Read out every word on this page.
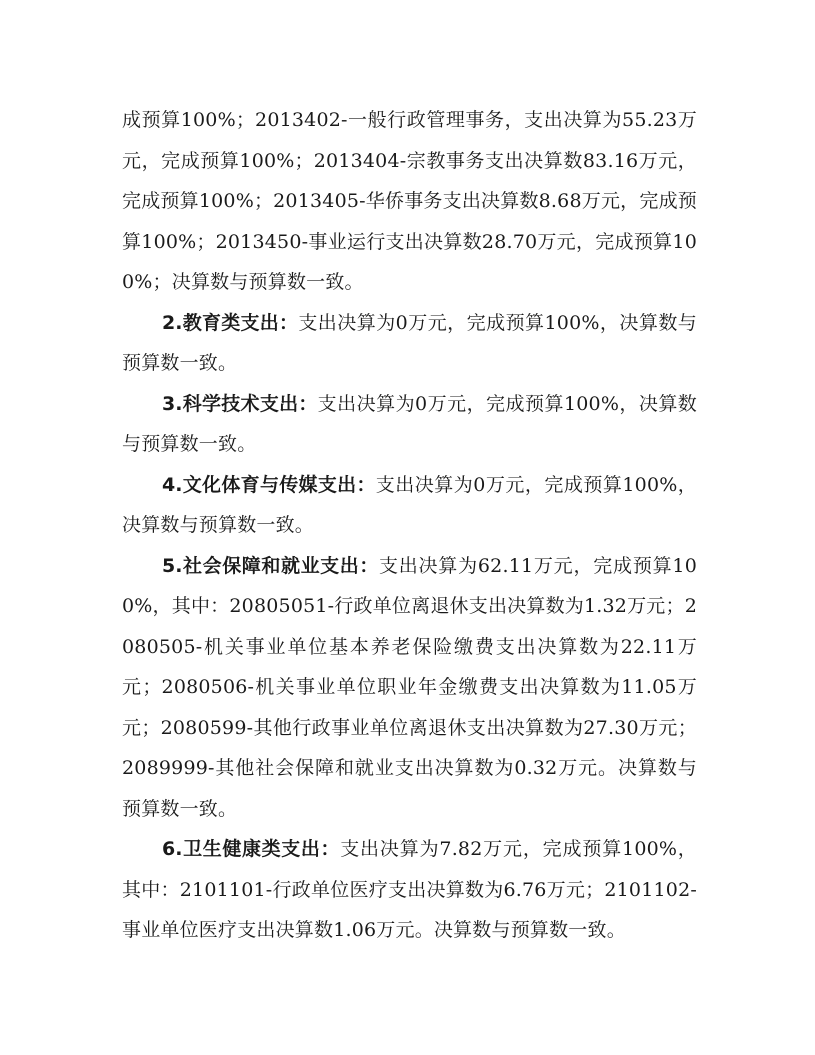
成预算100%；2013402-一般行政管理事务，支出决算为55.23万元，完成预算100%；2013404-宗教事务支出决算数83.16万元，完成预算100%；2013405-华侨事务支出决算数8.68万元，完成预算100%；2013450-事业运行支出决算数28.70万元，完成预算100%；决算数与预算数一致。

2.教育类支出：支出决算为0万元，完成预算100%，决算数与预算数一致。

3.科学技术支出：支出决算为0万元，完成预算100%，决算数与预算数一致。

4.文化体育与传媒支出：支出决算为0万元，完成预算100%，决算数与预算数一致。

5.社会保障和就业支出：支出决算为62.11万元，完成预算100%，其中：20805051-行政单位离退休支出决算数为1.32万元；2080505-机关事业单位基本养老保险缴费支出决算数为22.11万元；2080506-机关事业单位职业年金缴费支出决算数为11.05万元；2080599-其他行政事业单位离退休支出决算数为27.30万元；2089999-其他社会保障和就业支出决算数为0.32万元。决算数与预算数一致。

6.卫生健康类支出：支出决算为7.82万元，完成预算100%，其中：2101101-行政单位医疗支出决算数为6.76万元；2101102-事业单位医疗支出决算数1.06万元。决算数与预算数一致。
